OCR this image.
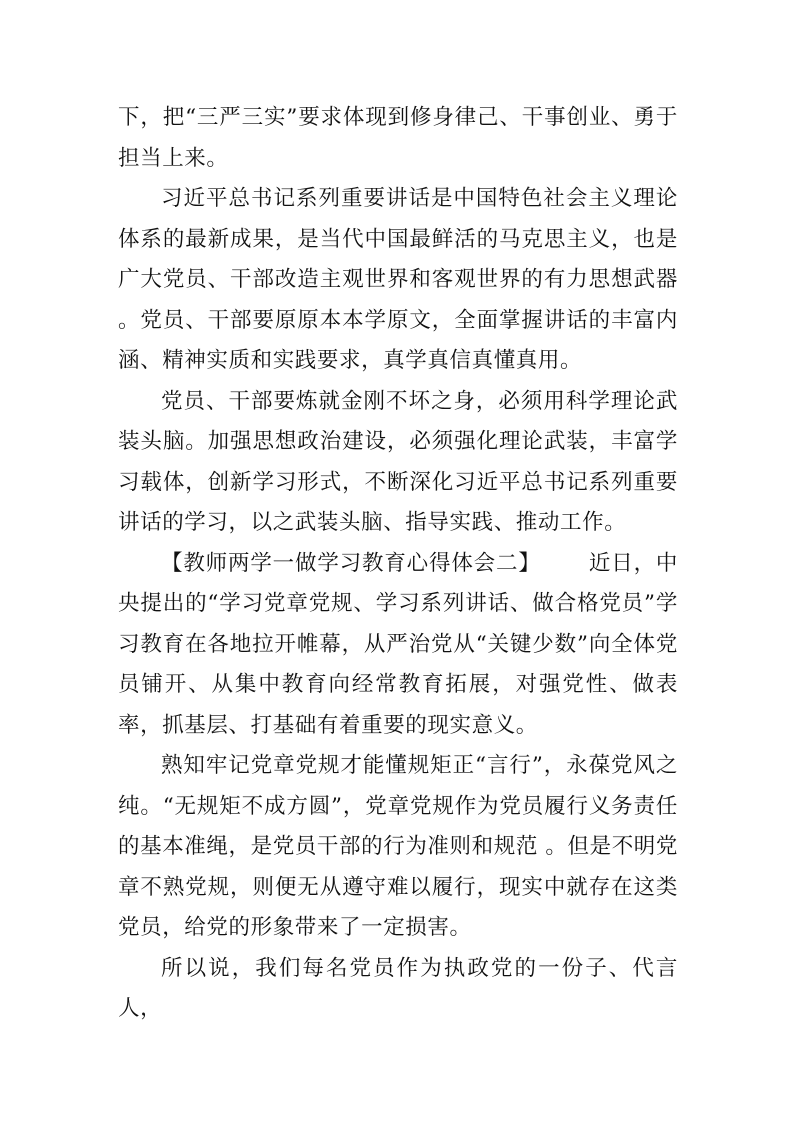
下，把“三严三实”要求体现到修身律己、干事创业、勇于担当上来。

习近平总书记系列重要讲话是中国特色社会主义理论体系的最新成果，是当代中国最鲜活的马克思主义，也是广大党员、干部改造主观世界和客观世界的有力思想武器 。党员、干部要原原本本学原文，全面掌握讲话的丰富内涵、精神实质和实践要求，真学真信真懂真用。

党员、干部要炼就金刚不坏之身，必须用科学理论武装头脑。加强思想政治建设，必须强化理论武装，丰富学习载体，创新学习形式，不断深化习近平总书记系列重要讲话的学习，以之武装头脑、指导实践、推动工作。

【教师两学一做学习教育心得体会二】 近日，中央提出的“学习党章党规、学习系列讲话、做合格党员”学习教育在各地拉开帷幕，从严治党从“关键少数”向全体党员铺开、从集中教育向经常教育拓展，对强党性、做表率，抓基层、打基础有着重要的现实意义。

熟知牢记党章党规才能懂规矩正“言行”，永葆党风之纯。“无规矩不成方圆”，党章党规作为党员履行义务责任的基本准绳，是党员干部的行为准则和规范 。但是不明党章不熟党规，则便无从遵守难以履行，现实中就存在这类党员，给党的形象带来了一定损害。

所以说，我们每名党员作为执政党的一份子、代言人，
